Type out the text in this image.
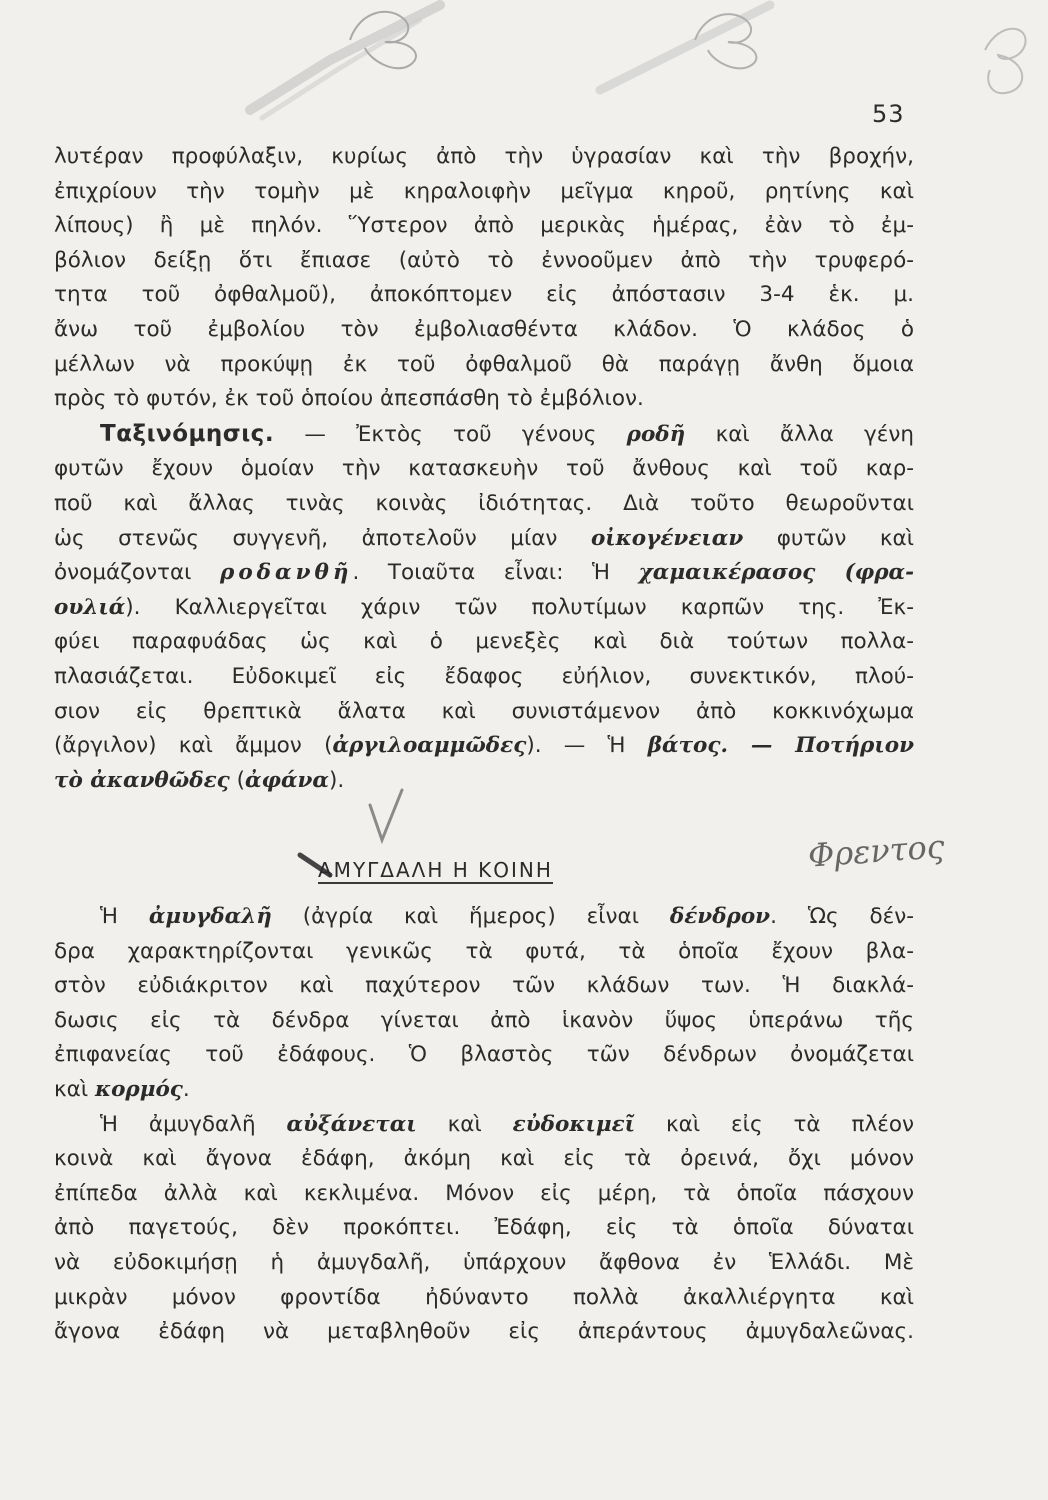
53
λυτέραν προφύλαξιν, κυρίως ἀπὸ τὴν ὑγρασίαν καὶ τὴν βροχήν,
ἐπιχρίουν τὴν τομὴν μὲ κηραλοιφὴν μεῖγμα κηροῦ, ρητίνης καὶ
λίπους) ἢ μὲ πηλόν. Ὕστερον ἀπὸ μερικὰς ἡμέρας, ἐὰν τὸ ἐμ-
βόλιον δείξῃ ὅτι ἔπιασε (αὐτὸ τὸ ἐννοοῦμεν ἀπὸ τὴν τρυφερό-
τητα τοῦ ὀφθαλμοῦ), ἀποκόπτομεν εἰς ἀπόστασιν 3-4 ἑκ. μ.
ἄνω τοῦ ἐμβολίου τὸν ἐμβολιασθέντα κλάδον. Ὁ κλάδος ὁ
μέλλων νὰ προκύψῃ ἐκ τοῦ ὀφθαλμοῦ θὰ παράγῃ ἄνθη ὅμοια
πρὸς τὸ φυτόν, ἐκ τοῦ ὁποίου ἀπεσπάσθη τὸ ἐμβόλιον.
Ταξινόμησις. — Ἐκτὸς τοῦ γένους ροδῆ καὶ ἄλλα γένη
φυτῶν ἔχουν ὁμοίαν τὴν κατασκευὴν τοῦ ἄνθους καὶ τοῦ καρ-
ποῦ καὶ ἄλλας τινὰς κοινὰς ἰδιότητας. Διὰ τοῦτο θεωροῦνται
ὡς στενῶς συγγενῆ, ἀποτελοῦν μίαν οἰκογένειαν φυτῶν καὶ
ὀνομάζονται ροδανθῆ. Τοιαῦτα εἶναι: Ἡ χαμαικέρασος (φρα-
ουλιά). Καλλιεργεῖται χάριν τῶν πολυτίμων καρπῶν της. Ἐκ-
φύει παραφυάδας ὡς καὶ ὁ μενεξὲς καὶ διὰ τούτων πολλα-
πλασιάζεται. Εὐδοκιμεῖ εἰς ἔδαφος εὐήλιον, συνεκτικόν, πλού-
σιον εἰς θρεπτικὰ ἅλατα καὶ συνιστάμενον ἀπὸ κοκκινόχωμα
(ἄργιλον) καὶ ἄμμον (ἀργιλοαμμῶδες). — Ἡ βάτος. — Ποτήριον
τὸ ἀκανθῶδες (ἀφάνα).
ΑΜΥΓΔΑΛΗ Η ΚΟΙΝΗ	Φρεντος
Ἡ ἀμυγδαλῆ (ἀγρία καὶ ἥμερος) εἶναι δένδρον. Ὡς δέν-
δρα χαρακτηρίζονται γενικῶς τὰ φυτά, τὰ ὁποῖα ἔχουν βλα-
στὸν εὐδιάκριτον καὶ παχύτερον τῶν κλάδων των. Ἡ διακλά-
δωσις εἰς τὰ δένδρα γίνεται ἀπὸ ἱκανὸν ὕψος ὑπεράνω τῆς
ἐπιφανείας τοῦ ἐδάφους. Ὁ βλαστὸς τῶν δένδρων ὀνομάζεται
καὶ κορμός.
Ἡ ἀμυγδαλῆ αὐξάνεται καὶ εὐδοκιμεῖ καὶ εἰς τὰ πλέον
κοινὰ καὶ ἄγονα ἐδάφη, ἀκόμη καὶ εἰς τὰ ὀρεινά, ὄχι μόνον
ἐπίπεδα ἀλλὰ καὶ κεκλιμένα. Μόνον εἰς μέρη, τὰ ὁποῖα πάσχουν
ἀπὸ παγετούς, δὲν προκόπτει. Ἐδάφη, εἰς τὰ ὁποῖα δύναται
νὰ εὐδοκιμήσῃ ἡ ἀμυγδαλῆ, ὑπάρχουν ἄφθονα ἐν Ἑλλάδι. Μὲ
μικρὰν μόνον φροντίδα ἠδύναντο πολλὰ ἀκαλλιέργητα καὶ
ἄγονα ἐδάφη νὰ μεταβληθοῦν εἰς ἀπεράντους ἀμυγδαλεῶνας.
